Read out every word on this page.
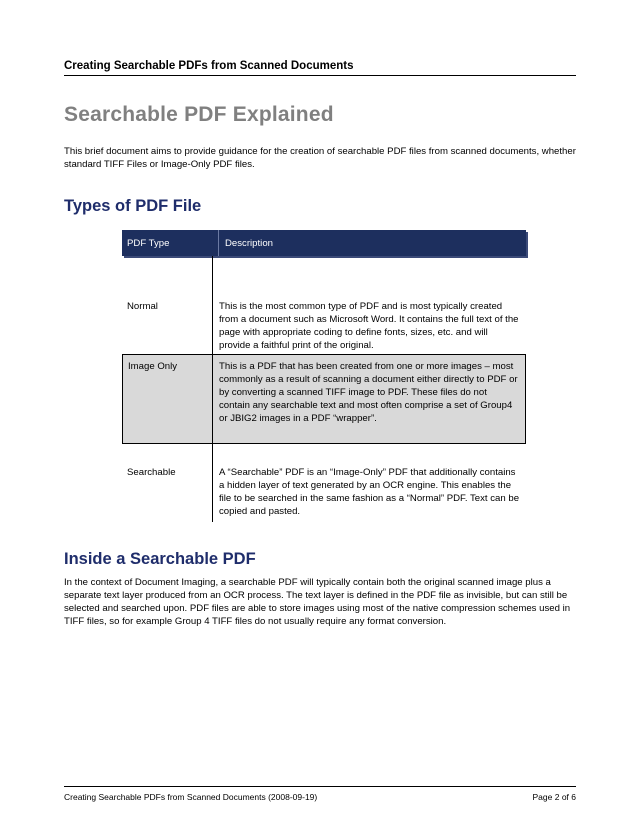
Creating Searchable PDFs from Scanned Documents
Searchable PDF Explained
This brief document aims to provide guidance for the creation of searchable PDF files from scanned documents, whether standard TIFF Files or Image-Only PDF files.
Types of PDF File
PDF Type	Description
Normal	This is the most common type of PDF and is most typically created from a document such as Microsoft Word. It contains the full text of the page with appropriate coding to define fonts, sizes, etc. and will provide a faithful print of the original.
Image Only	This is a PDF that has been created from one or more images – most commonly as a result of scanning a document either directly to PDF or by converting a scanned TIFF image to PDF. These files do not contain any searchable text and most often comprise a set of Group4 or JBIG2 images in a PDF “wrapper”.
Searchable	A “Searchable” PDF is an “Image-Only” PDF that additionally contains a hidden layer of text generated by an OCR engine. This enables the file to be searched in the same fashion as a “Normal” PDF. Text can be copied and pasted.
Inside a Searchable PDF
In the context of Document Imaging, a searchable PDF will typically contain both the original scanned image plus a separate text layer produced from an OCR process. The text layer is defined in the PDF file as invisible, but can still be selected and searched upon. PDF files are able to store images using most of the native compression schemes used in TIFF files, so for example Group 4 TIFF files do not usually require any format conversion.
Creating Searchable PDFs from Scanned Documents (2008-09-19)	Page 2 of 6
